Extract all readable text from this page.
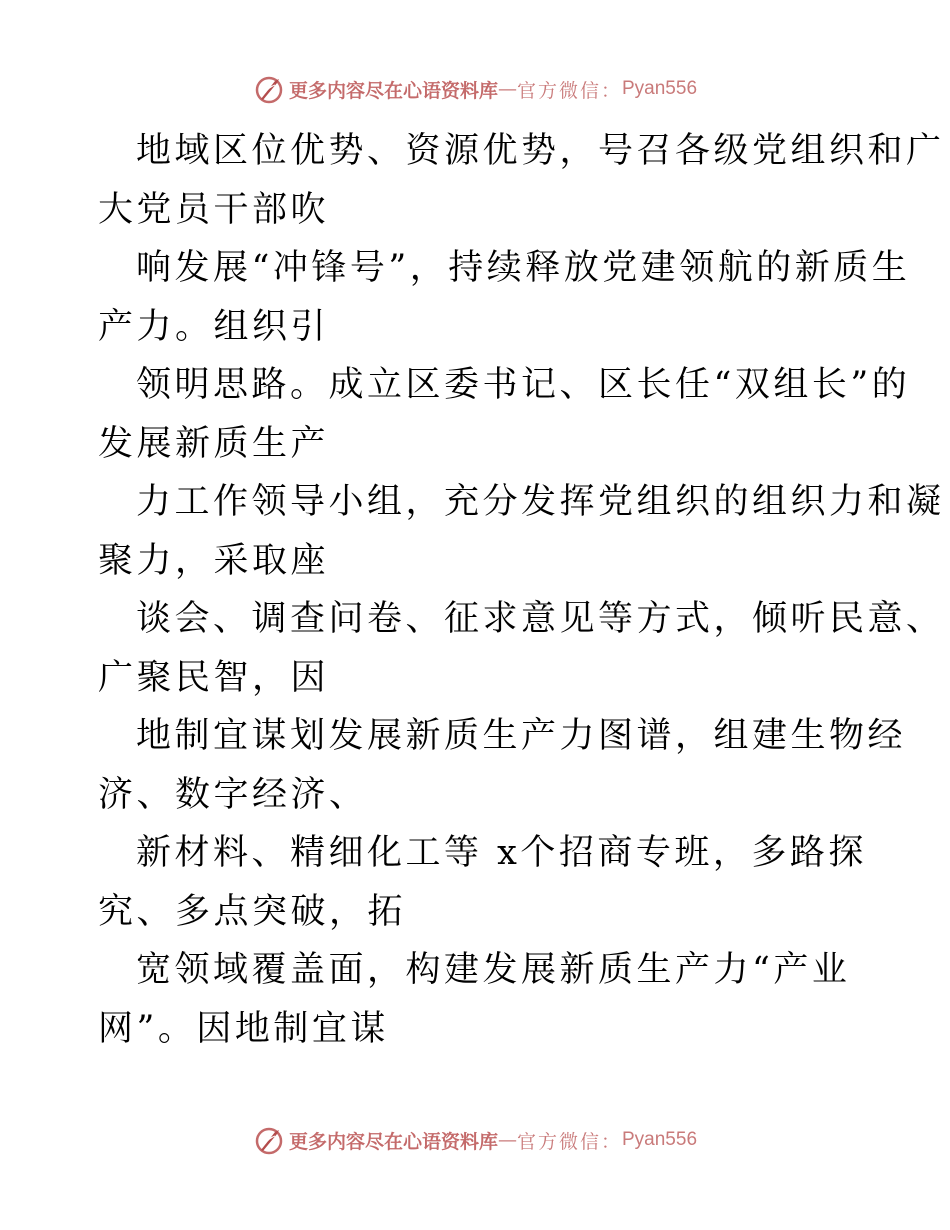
更多内容尽在心语资料库 — 官方微信： Pyan556
地域区位优势、资源优势，号召各级党组织和广
大党员干部吹
响发展“冲锋号”，持续释放党建领航的新质生
产力。组织引
领明思路。成立区委书记、区长任“双组长”的
发展新质生产
力工作领导小组，充分发挥党组织的组织力和凝
聚力，采取座
谈会、调查问卷、征求意见等方式，倾听民意、
广聚民智，因
地制宜谋划发展新质生产力图谱，组建生物经
济、数字经济、
新材料、精细化工等 x个招商专班，多路探
究、多点突破，拓
宽领域覆盖面，构建发展新质生产力“产业
网”。因地制宜谋
更多内容尽在心语资料库 — 官方微信： Pyan556
